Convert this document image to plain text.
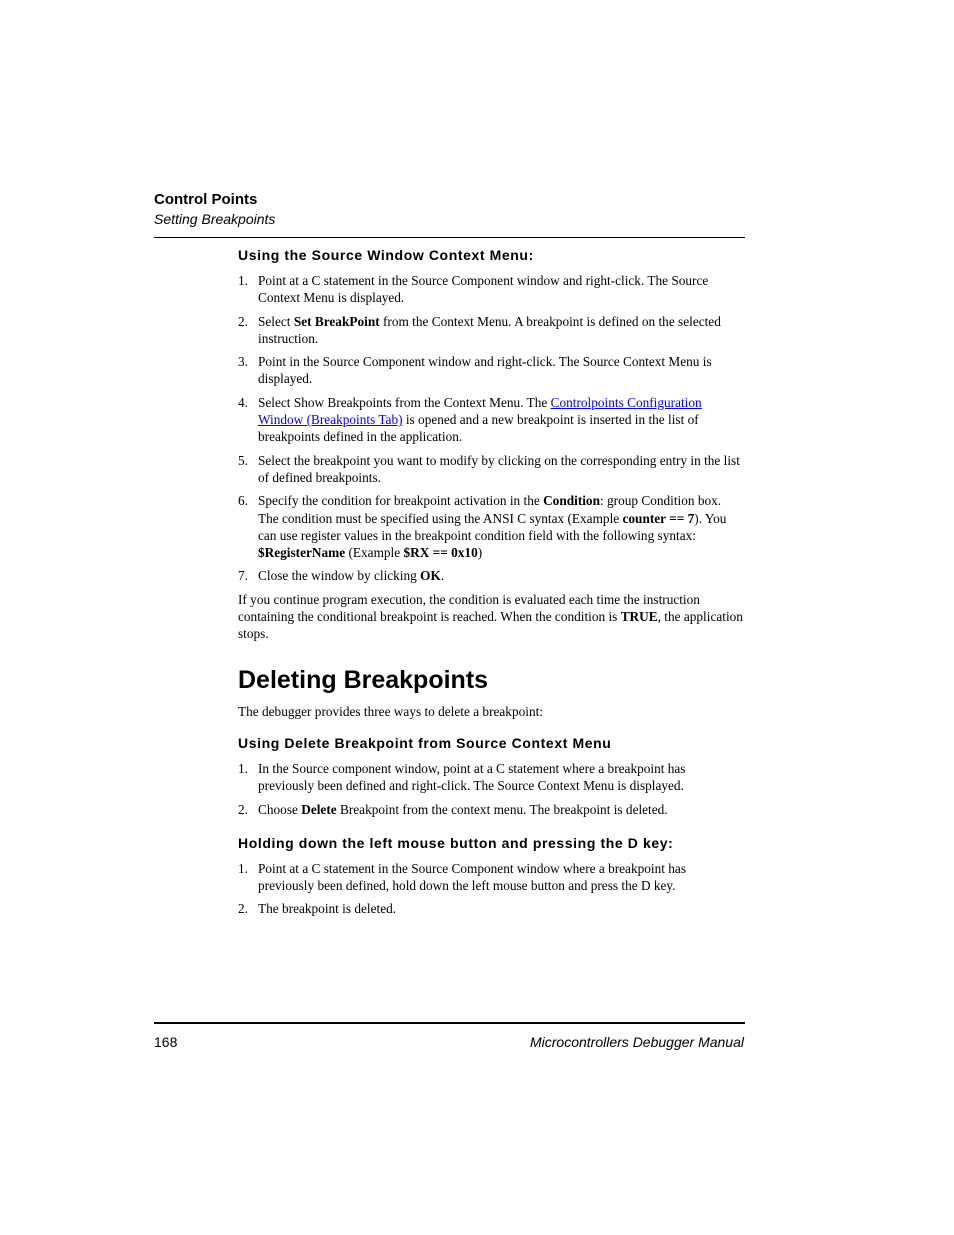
Control Points
Setting Breakpoints
Using the Source Window Context Menu:
1. Point at a C statement in the Source Component window and right-click. The Source Context Menu is displayed.
2. Select Set BreakPoint from the Context Menu. A breakpoint is defined on the selected instruction.
3. Point in the Source Component window and right-click. The Source Context Menu is displayed.
4. Select Show Breakpoints from the Context Menu. The Controlpoints Configuration Window (Breakpoints Tab) is opened and a new breakpoint is inserted in the list of breakpoints defined in the application.
5. Select the breakpoint you want to modify by clicking on the corresponding entry in the list of defined breakpoints.
6. Specify the condition for breakpoint activation in the Condition: group Condition box. The condition must be specified using the ANSI C syntax (Example counter == 7). You can use register values in the breakpoint condition field with the following syntax: $RegisterName (Example $RX == 0x10)
7. Close the window by clicking OK.

If you continue program execution, the condition is evaluated each time the instruction containing the conditional breakpoint is reached. When the condition is TRUE, the application stops.

Deleting Breakpoints

The debugger provides three ways to delete a breakpoint:

Using Delete Breakpoint from Source Context Menu
1. In the Source component window, point at a C statement where a breakpoint has previously been defined and right-click. The Source Context Menu is displayed.
2. Choose Delete Breakpoint from the context menu. The breakpoint is deleted.
Holding down the left mouse button and pressing the D key:
1. Point at a C statement in the Source Component window where a breakpoint has previously been defined, hold down the left mouse button and press the D key.
2. The breakpoint is deleted.
168	Microcontrollers Debugger Manual
